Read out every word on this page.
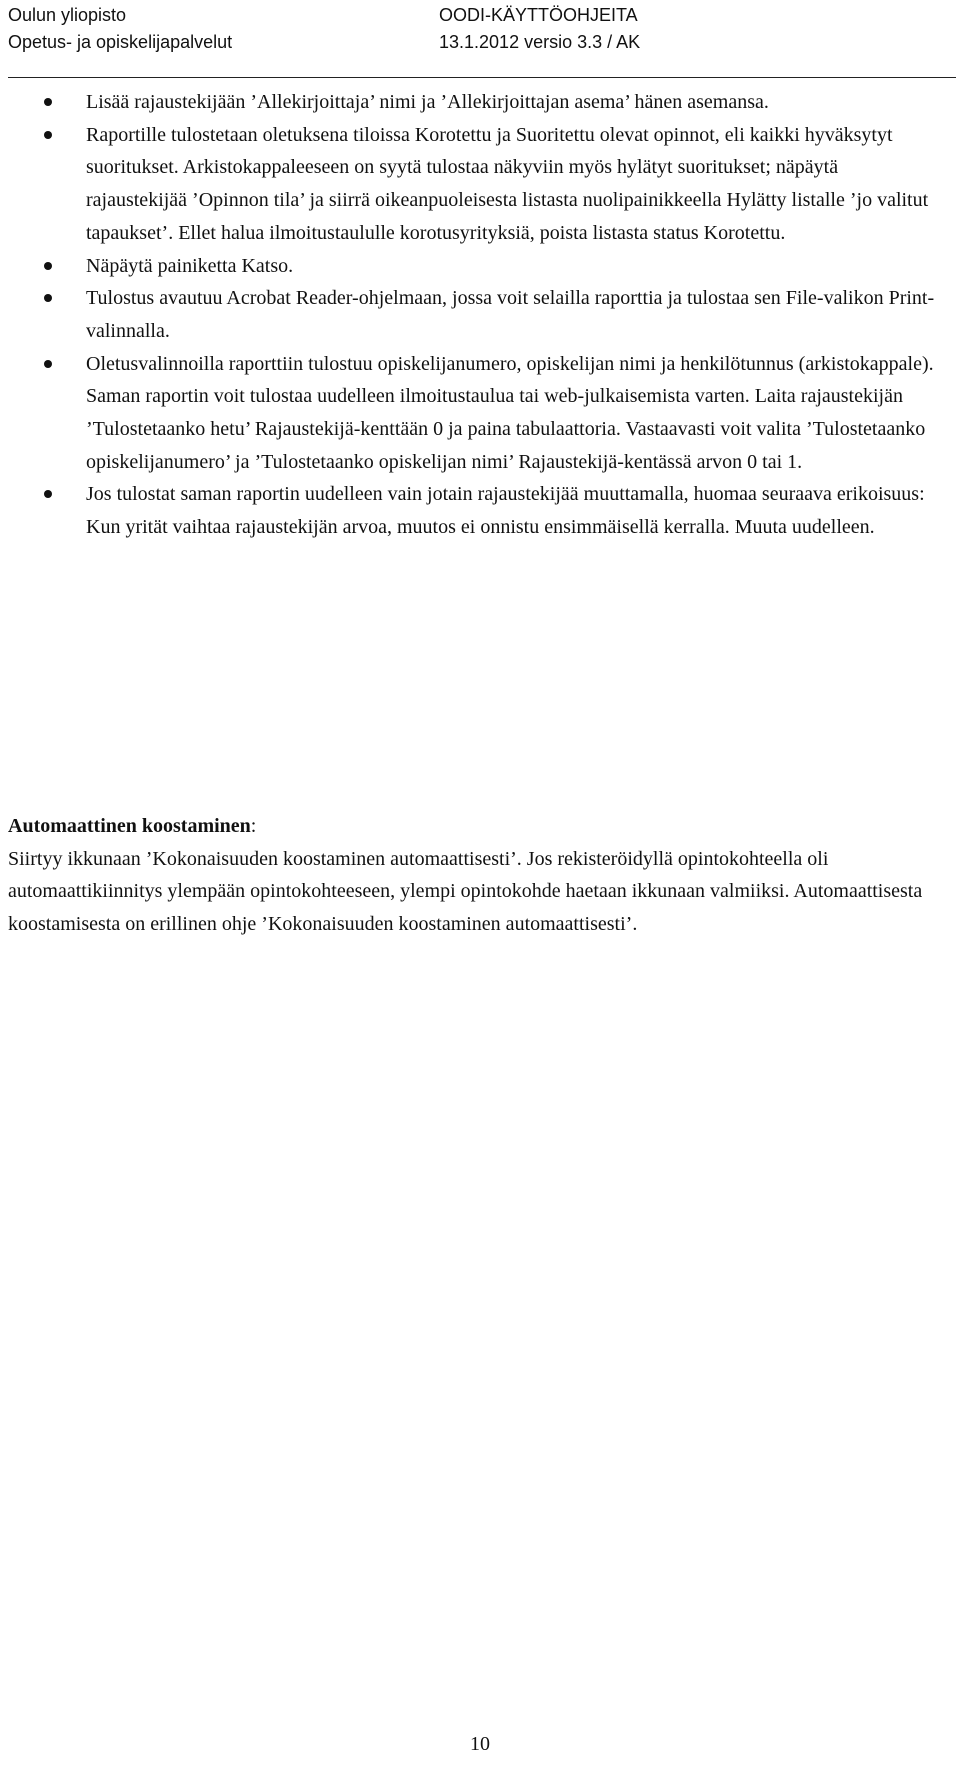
Oulun yliopisto
Opetus- ja opiskelijapalvelut
OODI-KÄYTTÖOHJEITA
13.1.2012 versio 3.3 / AK
Lisää rajaustekijään ’Allekirjoittaja’ nimi ja ’Allekirjoittajan asema’ hänen asemansa.
Raportille tulostetaan oletuksena tiloissa Korotettu ja Suoritettu olevat opinnot, eli kaikki hyväksytyt suoritukset. Arkistokappaleeseen on syytä tulostaa näkyviin myös hylätyt suoritukset; näpäytä rajaustekijää ’Opinnon tila’ ja siirrä oikeanpuoleisesta listasta nuolipainikkeella Hylätty listalle ’jo valitut tapaukset’. Ellet halua ilmoitustaululle korotusyrityksiä, poista listasta status Korotettu.
Näpäytä painiketta Katso.
Tulostus avautuu Acrobat Reader-ohjelmaan, jossa voit selailla raporttia ja tulostaa sen File-valikon Print-valinnalla.
Oletusvalinnoilla raporttiin tulostuu opiskelijanumero, opiskelijan nimi ja henkilötunnus (arkistokappale). Saman raportin voit tulostaa uudelleen ilmoitustaulua tai web-julkaisemista varten. Laita rajaustekijän ’Tulostetaanko hetu’ Rajaustekijä-kenttään 0 ja paina tabulaattoria. Vastaavasti voit valita ’Tulostetaanko opiskelijanumero’ ja ’Tulostetaanko opiskelijan nimi’ Rajaustekijä-kentässä arvon 0 tai 1.
Jos tulostat saman raportin uudelleen vain jotain rajaustekijää muuttamalla, huomaa seuraava erikoisuus: Kun yrität vaihtaa rajaustekijän arvoa, muutos ei onnistu ensimmäisellä kerralla. Muuta uudelleen.
Automaattinen koostaminen:
Siirtyy ikkunaan ’Kokonaisuuden koostaminen automaattisesti’. Jos rekisteröidyllä opintokohteella oli automaattikiinnitys ylempään opintokohteeseen, ylempi opintokohde haetaan ikkunaan valmiiksi. Automaattisesta koostamisesta on erillinen ohje ’Kokonaisuuden koostaminen automaattisesti’.
10
